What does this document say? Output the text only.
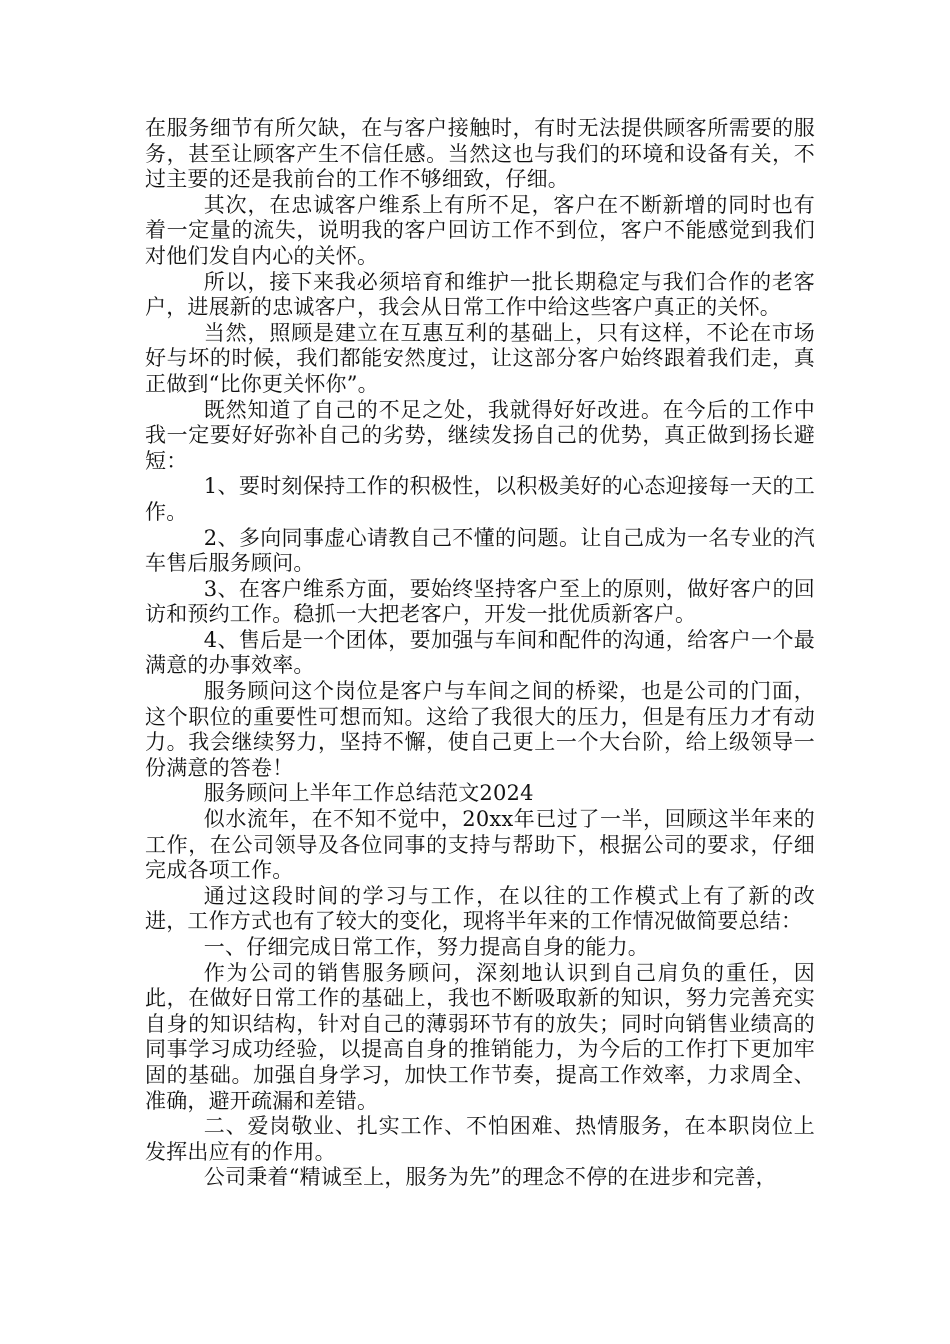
在服务细节有所欠缺，在与客户接触时，有时无法提供顾客所需要的服务，甚至让顾客产生不信任感。当然这也与我们的环境和设备有关，不过主要的还是我前台的工作不够细致，仔细。

其次，在忠诚客户维系上有所不足，客户在不断新增的同时也有着一定量的流失，说明我的客户回访工作不到位，客户不能感觉到我们对他们发自内心的关怀。

所以，接下来我必须培育和维护一批长期稳定与我们合作的老客户，进展新的忠诚客户，我会从日常工作中给这些客户真正的关怀。

当然，照顾是建立在互惠互利的基础上，只有这样，不论在市场好与坏的时候，我们都能安然度过，让这部分客户始终跟着我们走，真正做到“比你更关怀你”。

既然知道了自己的不足之处，我就得好好改进。在今后的工作中我一定要好好弥补自己的劣势，继续发扬自己的优势，真正做到扬长避短：

1、要时刻保持工作的积极性，以积极美好的心态迎接每一天的工作。

2、多向同事虚心请教自己不懂的问题。让自己成为一名专业的汽车售后服务顾问。

3、在客户维系方面，要始终坚持客户至上的原则，做好客户的回访和预约工作。稳抓一大把老客户，开发一批优质新客户。

4、售后是一个团体，要加强与车间和配件的沟通，给客户一个最满意的办事效率。

服务顾问这个岗位是客户与车间之间的桥梁，也是公司的门面，这个职位的重要性可想而知。这给了我很大的压力，但是有压力才有动力。我会继续努力，坚持不懈，使自己更上一个大台阶，给上级领导一份满意的答卷！

服务顾问上半年工作总结范文2024

似水流年，在不知不觉中，20xx年已过了一半，回顾这半年来的工作，在公司领导及各位同事的支持与帮助下，根据公司的要求，仔细完成各项工作。

通过这段时间的学习与工作，在以往的工作模式上有了新的改进，工作方式也有了较大的变化，现将半年来的工作情况做简要总结：

一、仔细完成日常工作，努力提高自身的能力。

作为公司的销售服务顾问，深刻地认识到自己肩负的重任，因此，在做好日常工作的基础上，我也不断吸取新的知识，努力完善充实自身的知识结构，针对自己的薄弱环节有的放失；同时向销售业绩高的同事学习成功经验，以提高自身的推销能力，为今后的工作打下更加牢固的基础。加强自身学习，加快工作节奏，提高工作效率，力求周全、准确，避开疏漏和差错。

二、爱岗敬业、扎实工作、不怕困难、热情服务，在本职岗位上发挥出应有的作用。

公司秉着“精诚至上，服务为先”的理念不停的在进步和完善，
